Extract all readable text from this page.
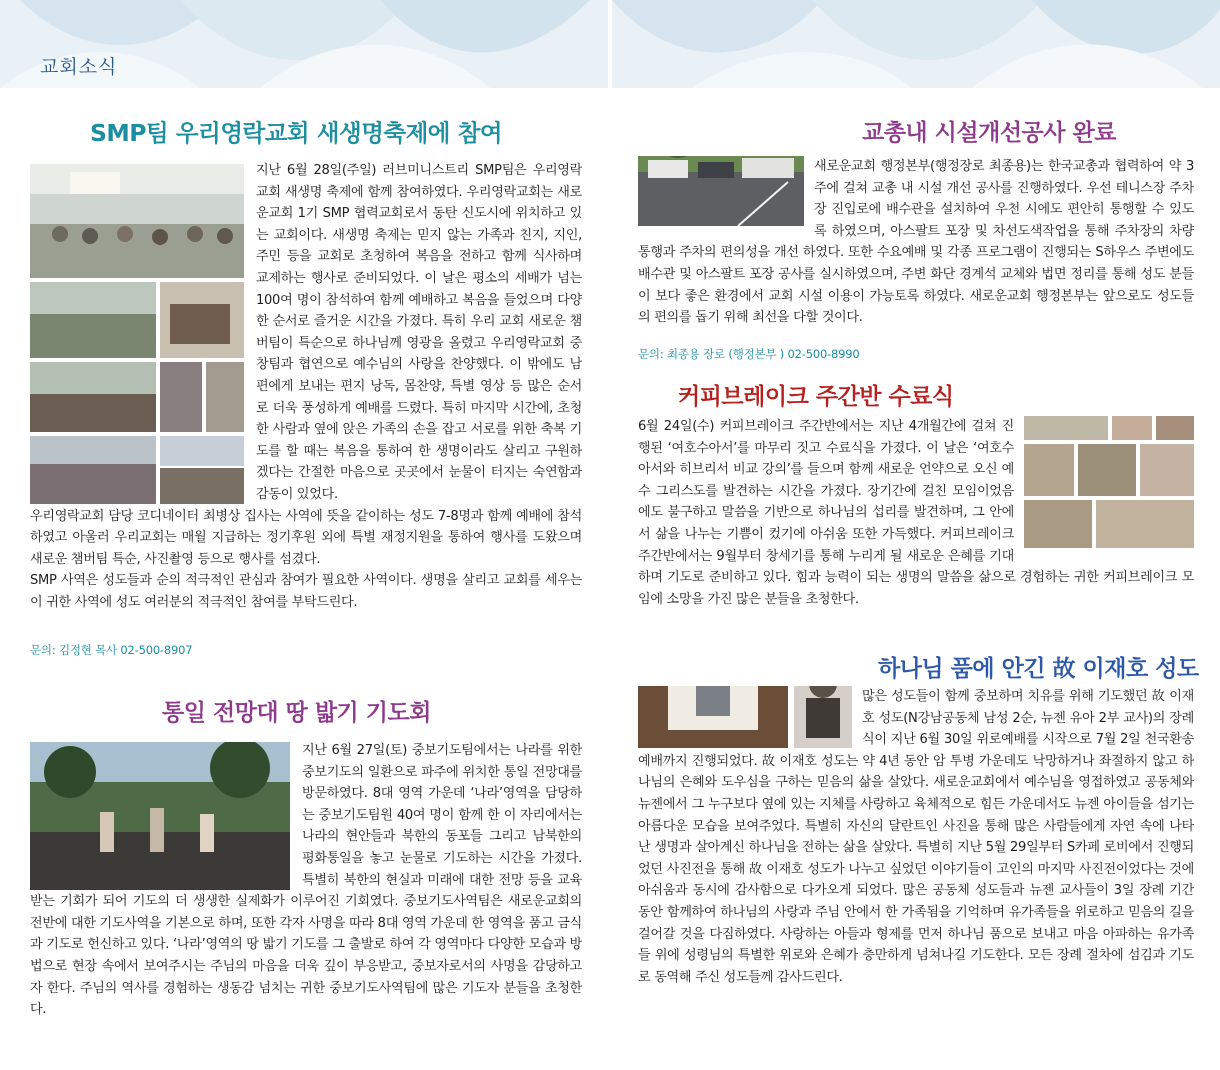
교회소식
SMP팀 우리영락교회 새생명축제에 참여

지난 6월 28일(주일) 러브미니스트리 SMP팀은 우리영락교회 새생명 축제에 함께 참여하였다. 우리영락교회는 새로운교회 1기 SMP 협력교회로서 동탄 신도시에 위치하고 있는 교회이다. 새생명 축제는 믿지 않는 가족과 친지, 지인, 주민 등을 교회로 초청하여 복음을 전하고 함께 식사하며 교제하는 행사로 준비되었다. 이 날은 평소의 세배가 넘는 100여 명이 참석하여 함께 예배하고 복음을 들었으며 다양한 순서로 즐거운 시간을 가졌다. 특히 우리 교회 새로운 챔버팀이 특순으로 하나님께 영광을 올렸고 우리영락교회 중창팀과 협연으로 예수님의 사랑을 찬양했다. 이 밖에도 남편에게 보내는 편지 낭독, 몸찬양, 특별 영상 등 많은 순서로 더욱 풍성하게 예배를 드렸다. 특히 마지막 시간에, 초청한 사람과 옆에 앉은 가족의 손을 잡고 서로를 위한 축복 기도를 할 때는 복음을 통하여 한 생명이라도 살리고 구원하겠다는 간절한 마음으로 곳곳에서 눈물이 터지는 숙연함과 감동이 있었다.

우리영락교회 담당 코디네이터 최병상 집사는 사역에 뜻을 같이하는 성도 7-8명과 함께 예배에 참석하였고 아울러 우리교회는 매월 지급하는 정기후원 외에 특별 재정지원을 통하여 행사를 도왔으며 새로운 챔버팀 특순, 사진촬영 등으로 행사를 섬겼다.

SMP 사역은 성도들과 순의 적극적인 관심과 참여가 필요한 사역이다. 생명을 살리고 교회를 세우는 이 귀한 사역에 성도 여러분의 적극적인 참여를 부탁드린다.

문의: 김정현 목사 02-500-8907
통일 전망대 땅 밟기 기도회

지난 6월 27일(토) 중보기도팀에서는 나라를 위한 중보기도의 일환으로 파주에 위치한 통일 전망대를 방문하였다. 8대 영역 가운데 ‘나라’영역을 담당하는 중보기도팀원 40여 명이 함께 한 이 자리에서는 나라의 현안들과 북한의 동포들 그리고 남북한의 평화통일을 놓고 눈물로 기도하는 시간을 가졌다. 특별히 북한의 현실과 미래에 대한 전망 등을 교육받는 기회가 되어 기도의 더 생생한 실제화가 이루어진 기회였다. 중보기도사역팀은 새로운교회의 전반에 대한 기도사역을 기본으로 하며, 또한 각자 사명을 따라 8대 영역 가운데 한 영역을 품고 금식과 기도로 헌신하고 있다. ‘나라’영역의 땅 밟기 기도를 그 출발로 하여 각 영역마다 다양한 모습과 방법으로 현장 속에서 보여주시는 주님의 마음을 더욱 깊이 부응받고, 중보자로서의 사명을 감당하고자 한다. 주님의 역사를 경험하는 생동감 넘치는 귀한 중보기도사역팀에 많은 기도자 분들을 초청한다.

교총내 시설개선공사 완료

새로운교회 행정본부(행정장로 최종용)는 한국교총과 협력하여 약 3주에 걸쳐 교총 내 시설 개선 공사를 진행하였다. 우선 테니스장 주차장 진입로에 배수관을 설치하여 우천 시에도 편안히 통행할 수 있도록 하였으며, 아스팔트 포장 및 차선도색작업을 통해 주차장의 차량 통행과 주차의 편의성을 개선 하였다. 또한 수요예배 및 각종 프로그램이 진행되는 S하우스 주변에도 배수관 및 아스팔트 포장 공사를 실시하였으며, 주변 화단 경계석 교체와 법면 정리를 통해 성도 분들이 보다 좋은 환경에서 교회 시설 이용이 가능토록 하였다. 새로운교회 행정본부는 앞으로도 성도들의 편의를 돕기 위해 최선을 다할 것이다.

문의: 최종용 장로 (행정본부 ) 02-500-8990
커피브레이크 주간반 수료식

6월 24일(수) 커피브레이크 주간반에서는 지난 4개월간에 걸쳐 진행된 ‘여호수아서’를 마무리 짓고 수료식을 가졌다. 이 날은 ‘여호수아서와 히브리서 비교 강의’를 들으며 함께 새로운 언약으로 오신 예수 그리스도를 발견하는 시간을 가졌다. 장기간에 걸친 모임이었음에도 불구하고 말씀을 기반으로 하나님의 섭리를 발견하며, 그 안에서 삶을 나누는 기쁨이 컸기에 아쉬움 또한 가득했다. 커피브레이크 주간반에서는 9월부터 창세기를 통해 누리게 될 새로운 은혜를 기대하며 기도로 준비하고 있다. 힘과 능력이 되는 생명의 말씀을 삶으로 경험하는 귀한 커피브레이크 모임에 소망을 가진 많은 분들을 초청한다.

하나님 품에 안긴 故 이재호 성도

많은 성도들이 함께 중보하며 치유를 위해 기도했던 故 이재호 성도(N강남공동체 남성 2순, 뉴젠 유아 2부 교사)의 장례식이 지난 6월 30일 위로예배를 시작으로 7월 2일 천국환송예배까지 진행되었다. 故 이재호 성도는 약 4년 동안 암 투병 가운데도 낙망하거나 좌절하지 않고 하나님의 은혜와 도우심을 구하는 믿음의 삶을 살았다. 새로운교회에서 예수님을 영접하였고 공동체와 뉴젠에서 그 누구보다 옆에 있는 지체를 사랑하고 육체적으로 힘든 가운데서도 뉴젠 아이들을 섬기는 아름다운 모습을 보여주었다. 특별히 자신의 달란트인 사진을 통해 많은 사람들에게 자연 속에 나타난 생명과 살아계신 하나님을 전하는 삶을 살았다. 특별히 지난 5월 29일부터 S카페 로비에서 진행되었던 사진전을 통해 故 이재호 성도가 나누고 싶었던 이야기들이 고인의 마지막 사진전이었다는 것에 아쉬움과 동시에 감사함으로 다가오게 되었다. 많은 공동체 성도들과 뉴젠 교사들이 3일 장례 기간 동안 함께하여 하나님의 사랑과 주님 안에서 한 가족됨을 기억하며 유가족들을 위로하고 믿음의 길을 걸어갈 것을 다짐하였다. 사랑하는 아들과 형제를 먼저 하나님 품으로 보내고 마음 아파하는 유가족들 위에 성령님의 특별한 위로와 은혜가 충만하게 넘쳐나길 기도한다. 모든 장례 절차에 섬김과 기도로 동역해 주신 성도들께 감사드린다.
